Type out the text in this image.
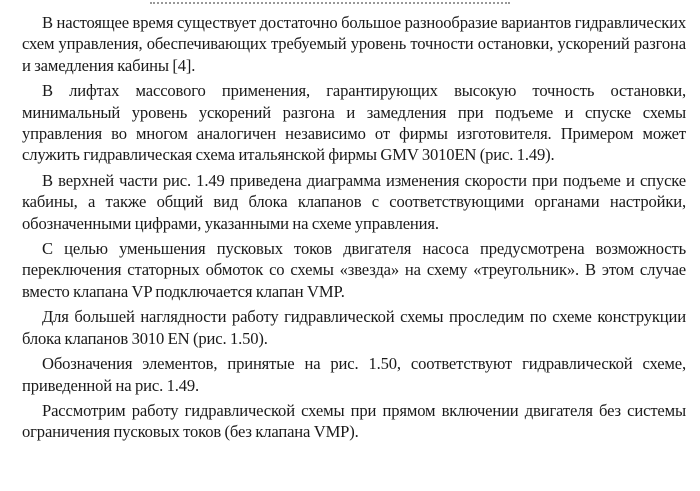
В настоящее время существует достаточно большое разнообразие вариантов гидравлических схем управления, обеспечивающих требуемый уровень точности остановки, ускорений разгона и замедления кабины [4].

В лифтах массового применения, гарантирующих высокую точность остановки, минимальный уровень ускорений разгона и замедления при подъеме и спуске схемы управления во многом аналогичен независимо от фирмы изготовителя. Примером может служить гидравлическая схема итальянской фирмы GMV 3010EN (рис. 1.49).

В верхней части рис. 1.49 приведена диаграмма изменения скорости при подъеме и спуске кабины, а также общий вид блока клапанов с соответствующими органами настройки, обозначенными цифрами, указанными на схеме управления.

С целью уменьшения пусковых токов двигателя насоса предусмотрена возможность переключения статорных обмоток со схемы «звезда» на схему «треугольник». В этом случае вместо клапана VP подключается клапан VMP.

Для большей наглядности работу гидравлической схемы проследим по схеме конструкции блока клапанов 3010 EN (рис. 1.50).

Обозначения элементов, принятые на рис. 1.50, соответствуют гидравлической схеме, приведенной на рис. 1.49.

Рассмотрим работу гидравлической схемы при прямом включении двигателя без системы ограничения пусковых токов (без клапана VMP).
